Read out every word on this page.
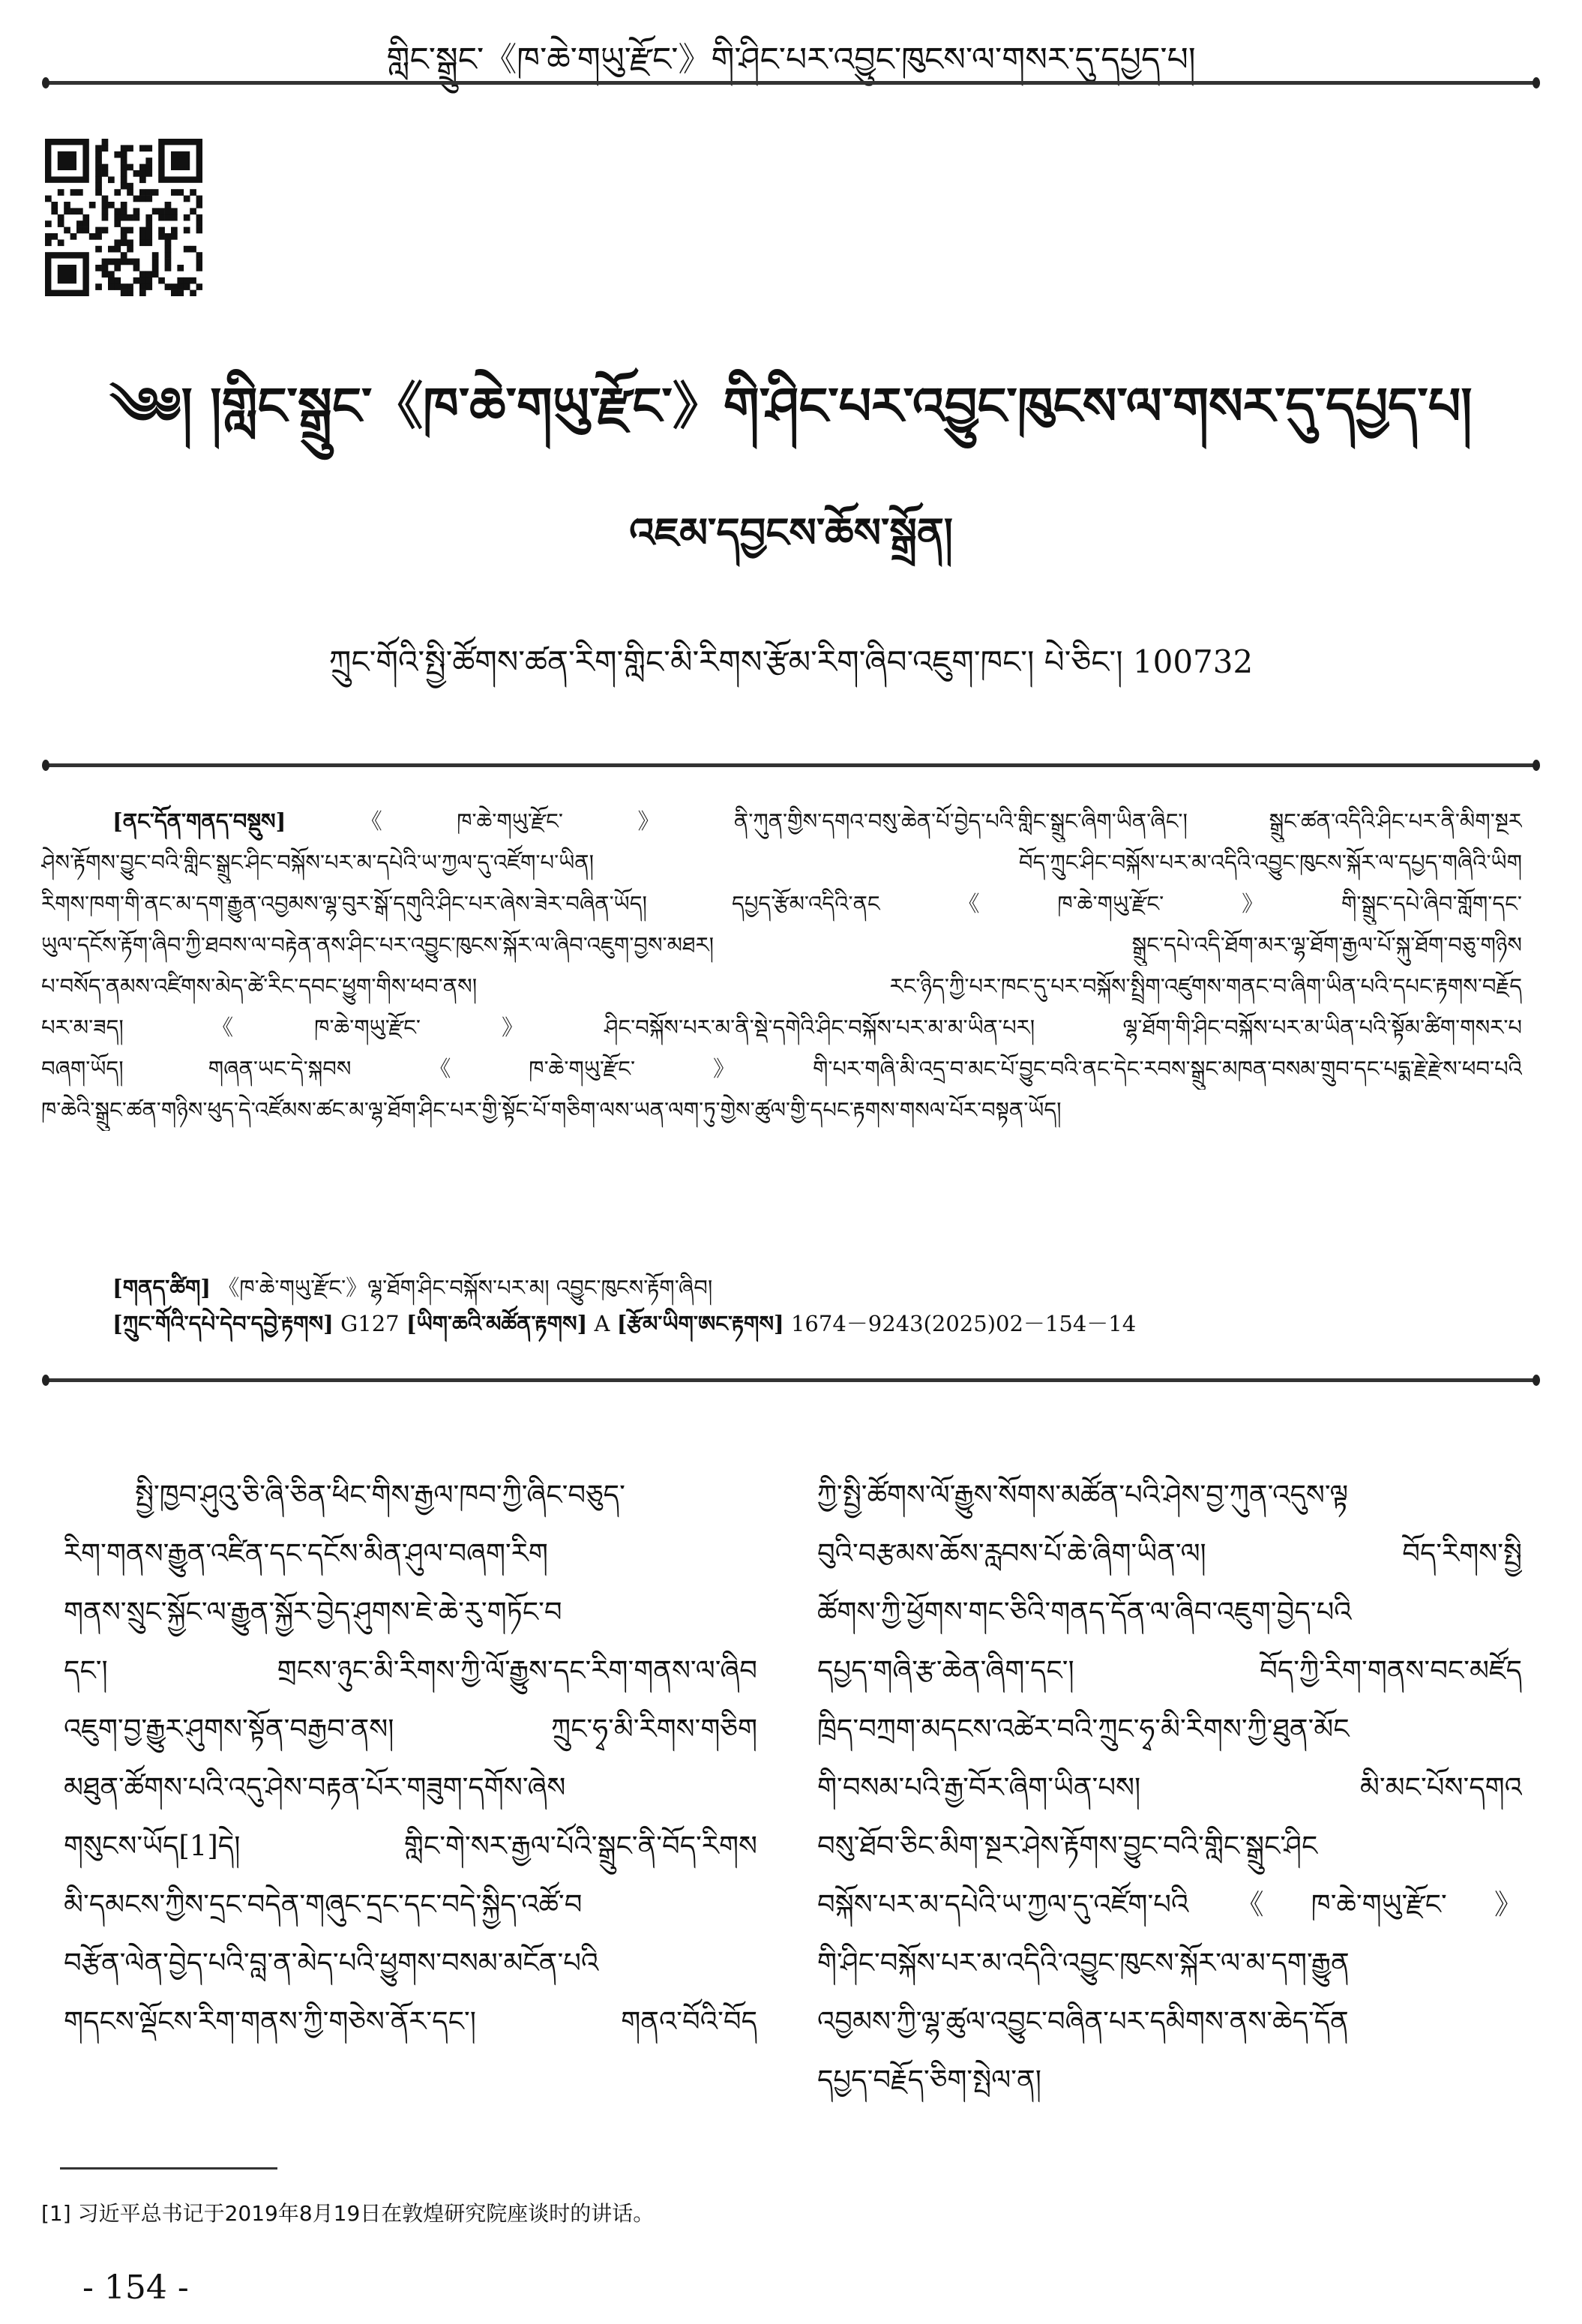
གླིང་སྒྲུང་《ཁ་ཆེ་གཡུ་རྫོང་》གི་ཤིང་པར་འབྱུང་ཁུངས་ལ་གསར་དུ་དཔྱད་པ།
༄༅། །གླིང་སྒྲུང་《ཁ་ཆེ་གཡུ་རྫོང་》གི་ཤིང་པར་འབྱུང་ཁུངས་ལ་གསར་དུ་དཔྱད་པ།
འཇམ་དབྱངས་ཆོས་སྒྲོན།
ཀྲུང་གོའི་སྤྱི་ཚོགས་ཚན་རིག་གླིང་མི་རིགས་རྩོམ་རིག་ཞིབ་འཇུག་ཁང་། པེ་ཅིང་། 100732
[ནང་དོན་གནད་བསྡུས]《ཁ་ཆེ་གཡུ་རྫོང་》ནི་ཀུན་གྱིས་དགའ་བསུ་ཆེན་པོ་བྱེད་པའི་གླིང་སྒྲུང་ཞིག་ཡིན་ཞིང་། སྒྲུང་ཚན་འདིའི་ཤིང་པར་ནི་མིག་སྔར
ཤེས་རྟོགས་བྱུང་བའི་གླིང་སྒྲུང་ཤིང་བསྐོས་པར་མ་དཔེའི་ཡ་ཀྱལ་དུ་འཛོག་པ་ཡིན། བོད་ཀྲུང་ཤིང་བསྐོས་པར་མ་འདིའི་འབྱུང་ཁུངས་སྐོར་ལ་དཔྱད་གཞིའི་ཡིག
རིགས་ཁག་གི་ནང་མ་དག་རྒྱུན་འབྱམས་ལྷ་བུར་སྒོ་དགུའི་ཤིང་པར་ཞེས་ཟེར་བཞིན་ཡོད། དཔྱད་རྩོམ་འདིའི་ནང《ཁ་ཆེ་གཡུ་རྫོང་》གི་སྒྲུང་དཔེ་ཞིབ་གློག་དང་
ཡུལ་དངོས་རྟོག་ཞིབ་ཀྱི་ཐབས་ལ་བརྟེན་ནས་ཤིང་པར་འབྱུང་ཁུངས་སྐོར་ལ་ཞིབ་འཇུག་བྱས་མཐར། སྒྲུང་དཔེ་འདི་ཐོག་མར་ལྷ་ཐོག་རྒྱལ་པོ་སྐུ་ཐོག་བཅུ་གཉིས
པ་བསོད་ནམས་འཛིགས་མེད་ཚེ་རིང་དབང་ཕྱུག་གིས་ཕབ་ནས། རང་ཉིད་ཀྱི་པར་ཁང་དུ་པར་བསྐོས་སྤྲིག་འཛུགས་གནང་བ་ཞིག་ཡིན་པའི་དཔང་རྟགས་བརྗོད
པར་མ་ཟད། 《ཁ་ཆེ་གཡུ་རྫོང་》ཤིང་བསྐོས་པར་མ་ནི་སྡེ་དགེའི་ཤིང་བསྐོས་པར་མ་མ་ཡིན་པར། ལྷ་ཐོག་གི་ཤིང་བསྐོས་པར་མ་ཡིན་པའི་སྟོམ་ཚིག་གསར་པ
བཞག་ཡོད། གཞན་ཡང་དེ་སྐབས《ཁ་ཆེ་གཡུ་རྫོང་》གི་པར་གཞི་མི་འདྲ་བ་མང་པོ་བྱུང་བའི་ནང་དེང་རབས་སྒྲུང་མཁན་བསམ་གྲུབ་དང་པདྨ་རྗེ་རྫེས་ཕབ་པའི
ཁ་ཆེའི་སྒྲུང་ཚན་གཉིས་ཕུད་དེ་འཛོམས་ཚང་མ་ལྷ་ཐོག་ཤིང་པར་གྱི་སྟོང་པོ་གཅིག་ལས་ཡན་ལག་ཏུ་གྱེས་ཚུལ་གྱི་དཔང་རྟགས་གསལ་པོར་བསྟན་ཡོད།
[གནད་ཚིག] 《ཁ་ཆེ་གཡུ་རྫོང་》ལྷ་ཐོག་ཤིང་བསྐོས་པར་མ། འབྱུང་ཁུངས་རྟོག་ཞིབ།
[ཀྲུང་གོའི་དཔེ་དེབ་དབྱེ་རྟགས] G127 [ཡིག་ཆའི་མཚོན་རྟགས] A [རྩོམ་ཡིག་ཨང་རྟགས] 1674－9243(2025)02－154－14
སྤྱི་ཁྱབ་ཤུའུ་ཅི་ཞི་ཅིན་ཕིང་གིས་རྒྱལ་ཁབ་ཀྱི་ཞིང་བཅུད་
རིག་གནས་རྒྱུན་འཛིན་དང་དངོས་མིན་ཤུལ་བཞག་རིག
གནས་སྲུང་སྐྱོང་ལ་རྒྱུན་སྐྱོར་བྱེད་ཤུགས་ཇེ་ཆེ་རུ་གཏོང་བ
དང་། གྲངས་ཉུང་མི་རིགས་ཀྱི་ལོ་རྒྱུས་དང་རིག་གནས་ལ་ཞིབ
འཇུག་བྱ་རྒྱུར་ཤུགས་སྟོན་བརྒྱབ་ནས། ཀྲུང་ཧྭ་མི་རིགས་གཅིག
མཐུན་ཚོགས་པའི་འདུ་ཤེས་བརྟན་པོར་གཟུག་དགོས་ཞེས
གསུངས་ཡོད[1]དེ། གླིང་གེ་སར་རྒྱལ་པོའི་སྒྲུང་ནི་བོད་རིགས
མི་དམངས་ཀྱིས་དྲང་བདེན་གཞུང་དྲང་དང་བདེ་སྐྱིད་འཚོ་བ
བརྩོན་ལེན་བྱེད་པའི་བླ་ན་མེད་པའི་ཕྱུགས་བསམ་མངོན་པའི
གདངས་ལྡོངས་རིག་གནས་ཀྱི་གཅེས་ནོར་དང་། གནའ་བོའི་བོད
ཀྱི་སྤྱི་ཚོགས་ལོ་རྒྱུས་སོགས་མཚོན་པའི་ཤེས་བྱ་ཀུན་འདུས་ལྟ
བུའི་བརྩམས་ཆོས་རླབས་པོ་ཆེ་ཞིག་ཡིན་ལ། བོད་རིགས་སྤྱི
ཚོགས་ཀྱི་ཕྱོགས་གང་ཅིའི་གནད་དོན་ལ་ཞིབ་འཇུག་བྱེད་པའི
དཔྱད་གཞི་རྩ་ཆེན་ཞིག་དང་། བོད་ཀྱི་རིག་གནས་བང་མཛོད
ཁྲིད་བཀྲག་མདངས་འཚེར་བའི་ཀྲུང་ཧྭ་མི་རིགས་ཀྱི་ཐུན་མོང
གི་བསམ་པའི་རྒྱ་བོར་ཞིག་ཡིན་པས། མི་མང་པོས་དགའ
བསུ་ཐོབ་ཅིང་མིག་སྔར་ཤེས་རྟོགས་བྱུང་བའི་གླིང་སྒྲུང་ཤིང
བསྐོས་པར་མ་དཔེའི་ཡ་ཀྱལ་དུ་འཛོག་པའི《ཁ་ཆེ་གཡུ་རྫོང་》
གི་ཤིང་བསྐོས་པར་མ་འདིའི་འབྱུང་ཁུངས་སྐོར་ལ་མ་དག་རྒྱུན
འབྱམས་ཀྱི་ལྷ་ཚུལ་འབྱུང་བཞིན་པར་དམིགས་ནས་ཆེད་དོན
དཔྱད་བརྗོད་ཅིག་སྤེལ་ན།
[1] 习近平总书记于2019年8月19日在敦煌研究院座谈时的讲话。
- 154 -
